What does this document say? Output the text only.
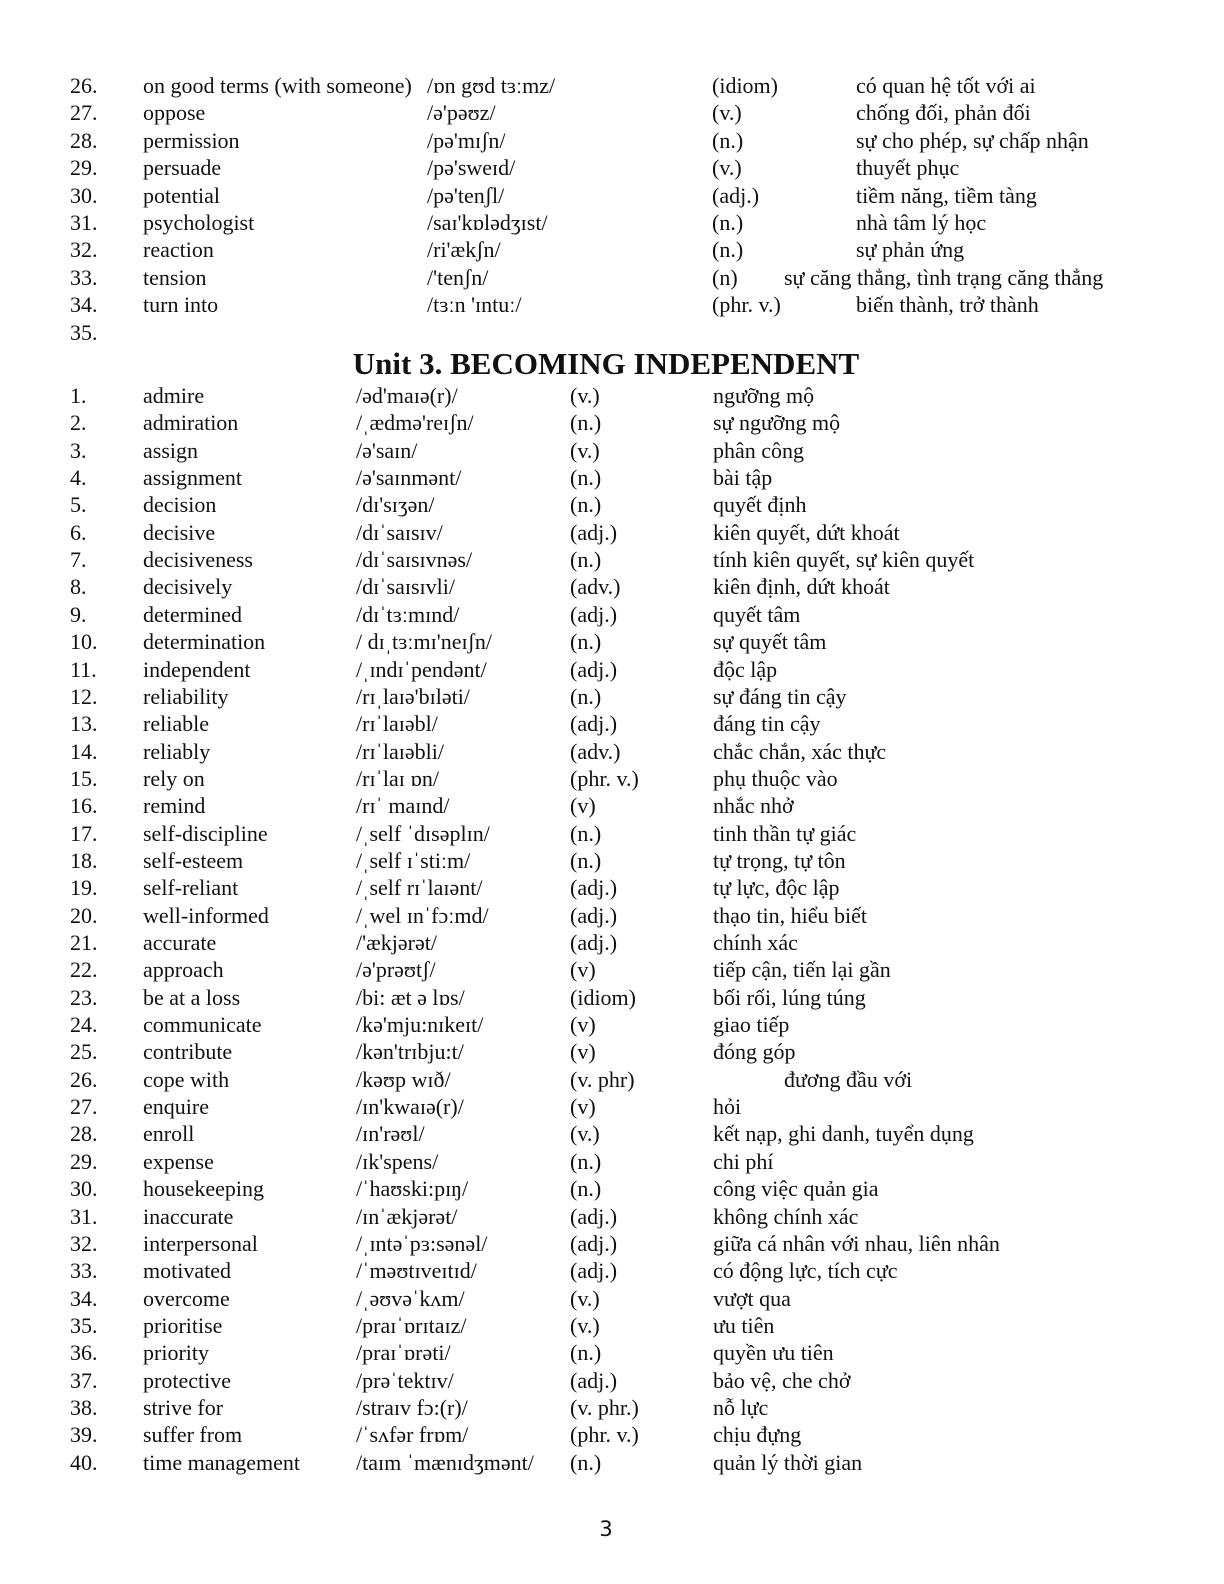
26. on good terms (with someone) /ɒn gʊd tɜːmz/	(idiom)	có quan hệ tốt với ai
27. oppose	/ə'pəʊz/	(v.)	chống đối, phản đối
28. permission	/pə'mɪʃn/	(n.)	sự cho phép, sự chấp nhận
29. persuade	/pə'sweɪd/	(v.)	thuyết phục
30. potential	/pə'tenʃl/	(adj.)	tiềm năng, tiềm tàng
31. psychologist	/saɪ'kɒlədʒɪst/	(n.)	nhà tâm lý học
32. reaction	/ri'ækʃn/	(n.)	sự phản ứng
33. tension	/'tenʃn/	(n) sự căng thẳng, tình trạng căng thẳng
34. turn into	/tɜːn 'ɪntuː/	(phr. v.)	biến thành, trở thành
35.
Unit 3. BECOMING INDEPENDENT
1.	admire	/əd'maɪə(r)/	(v.)	ngưỡng mộ
2.	admiration	/ˌædmə'reɪʃn/	(n.)	sự ngưỡng mộ
3.	assign	/ə'saɪn/	(v.)	phân công
4.	assignment	/ə'saɪnmənt/	(n.)	bài tập
5.	decision	/dɪ'sɪʒən/	(n.)	quyết định
6.	decisive	/dɪˈsaɪsɪv/	(adj.)	kiên quyết, dứt khoát
7.	decisiveness	/dɪˈsaɪsɪvnəs/	(n.)	tính kiên quyết, sự kiên quyết
8.	decisively	/dɪˈsaɪsɪvli/	(adv.)	kiên định, dứt khoát
9.	determined	/dɪˈtɜːmɪnd/	(adj.)	quyết tâm
10. determination	/ dɪˌtɜːmɪ'neɪʃn/	(n.)	sự quyết tâm
11. independent	/ˌɪndɪˈpendənt/	(adj.)	độc lập
12. reliability	/rɪˌlaɪə'bɪləti/	(n.)	sự đáng tin cậy
13. reliable	/rɪˈlaɪəbl/	(adj.)	đáng tin cậy
14. reliably	/rɪˈlaɪəbli/	(adv.)	chắc chắn, xác thực
15. rely on	/rɪˈlaɪ ɒn/	(phr. v.)	phụ thuộc vào
16. remind	/rɪˈ maɪnd/	(v)	nhắc nhở
17. self-discipline	/ˌself ˈdɪsəplɪn/	(n.)	tinh thần tự giác
18. self-esteem	/ˌself ɪˈstiːm/	(n.)	tự trọng, tự tôn
19. self-reliant	/ˌself rɪˈlaɪənt/	(adj.)	tự lực, độc lập
20. well-informed	/ˌwel ɪnˈfɔːmd/	(adj.)	thạo tin, hiểu biết
21. accurate	/'ækjərət/	(adj.)	chính xác
22. approach	/ə'prəʊtʃ/	(v)	tiếp cận, tiến lại gần
23. be at a loss	/bi: æt ə lɒs/	(idiom)	bối rối, lúng túng
24. communicate	/kə'mju:nɪkeɪt/	(v)	giao tiếp
25. contribute	/kən'trɪbju:t/	(v)	đóng góp
26. cope with	/kəʊp wɪð/	(v. phr)	đương đầu với
27. enquire	/ɪn'kwaɪə(r)/	(v)	hỏi
28. enroll	/ɪn'rəʊl/	(v.)	kết nạp, ghi danh, tuyển dụng
29. expense	/ɪk'spens/	(n.)	chi phí
30. housekeeping	/ˈhaʊski:pɪŋ/	(n.)	công việc quản gia
31. inaccurate	/ɪnˈækjərət/	(adj.)	không chính xác
32. interpersonal	/ˌɪntəˈpɜ:sənəl/	(adj.)	giữa cá nhân với nhau, liên nhân
33. motivated	/ˈməʊtɪveɪtɪd/	(adj.)	có động lực, tích cực
34. overcome	/ˌəʊvəˈkʌm/	(v.)	vượt qua
35. prioritise	/praɪˈɒrɪtaɪz/	(v.)	ưu tiên
36. priority	/praɪˈɒrəti/	(n.)	quyền ưu tiên
37. protective	/prəˈtektɪv/	(adj.)	bảo vệ, che chở
38. strive for	/straɪv fɔ:(r)/	(v. phr.)	nỗ lực
39. suffer from	/ˈsʌfər frɒm/	(phr. v.)	chịu đựng
40. time management	/taɪm ˈmænɪdʒmənt/ (n.)	quản lý thời gian
3
